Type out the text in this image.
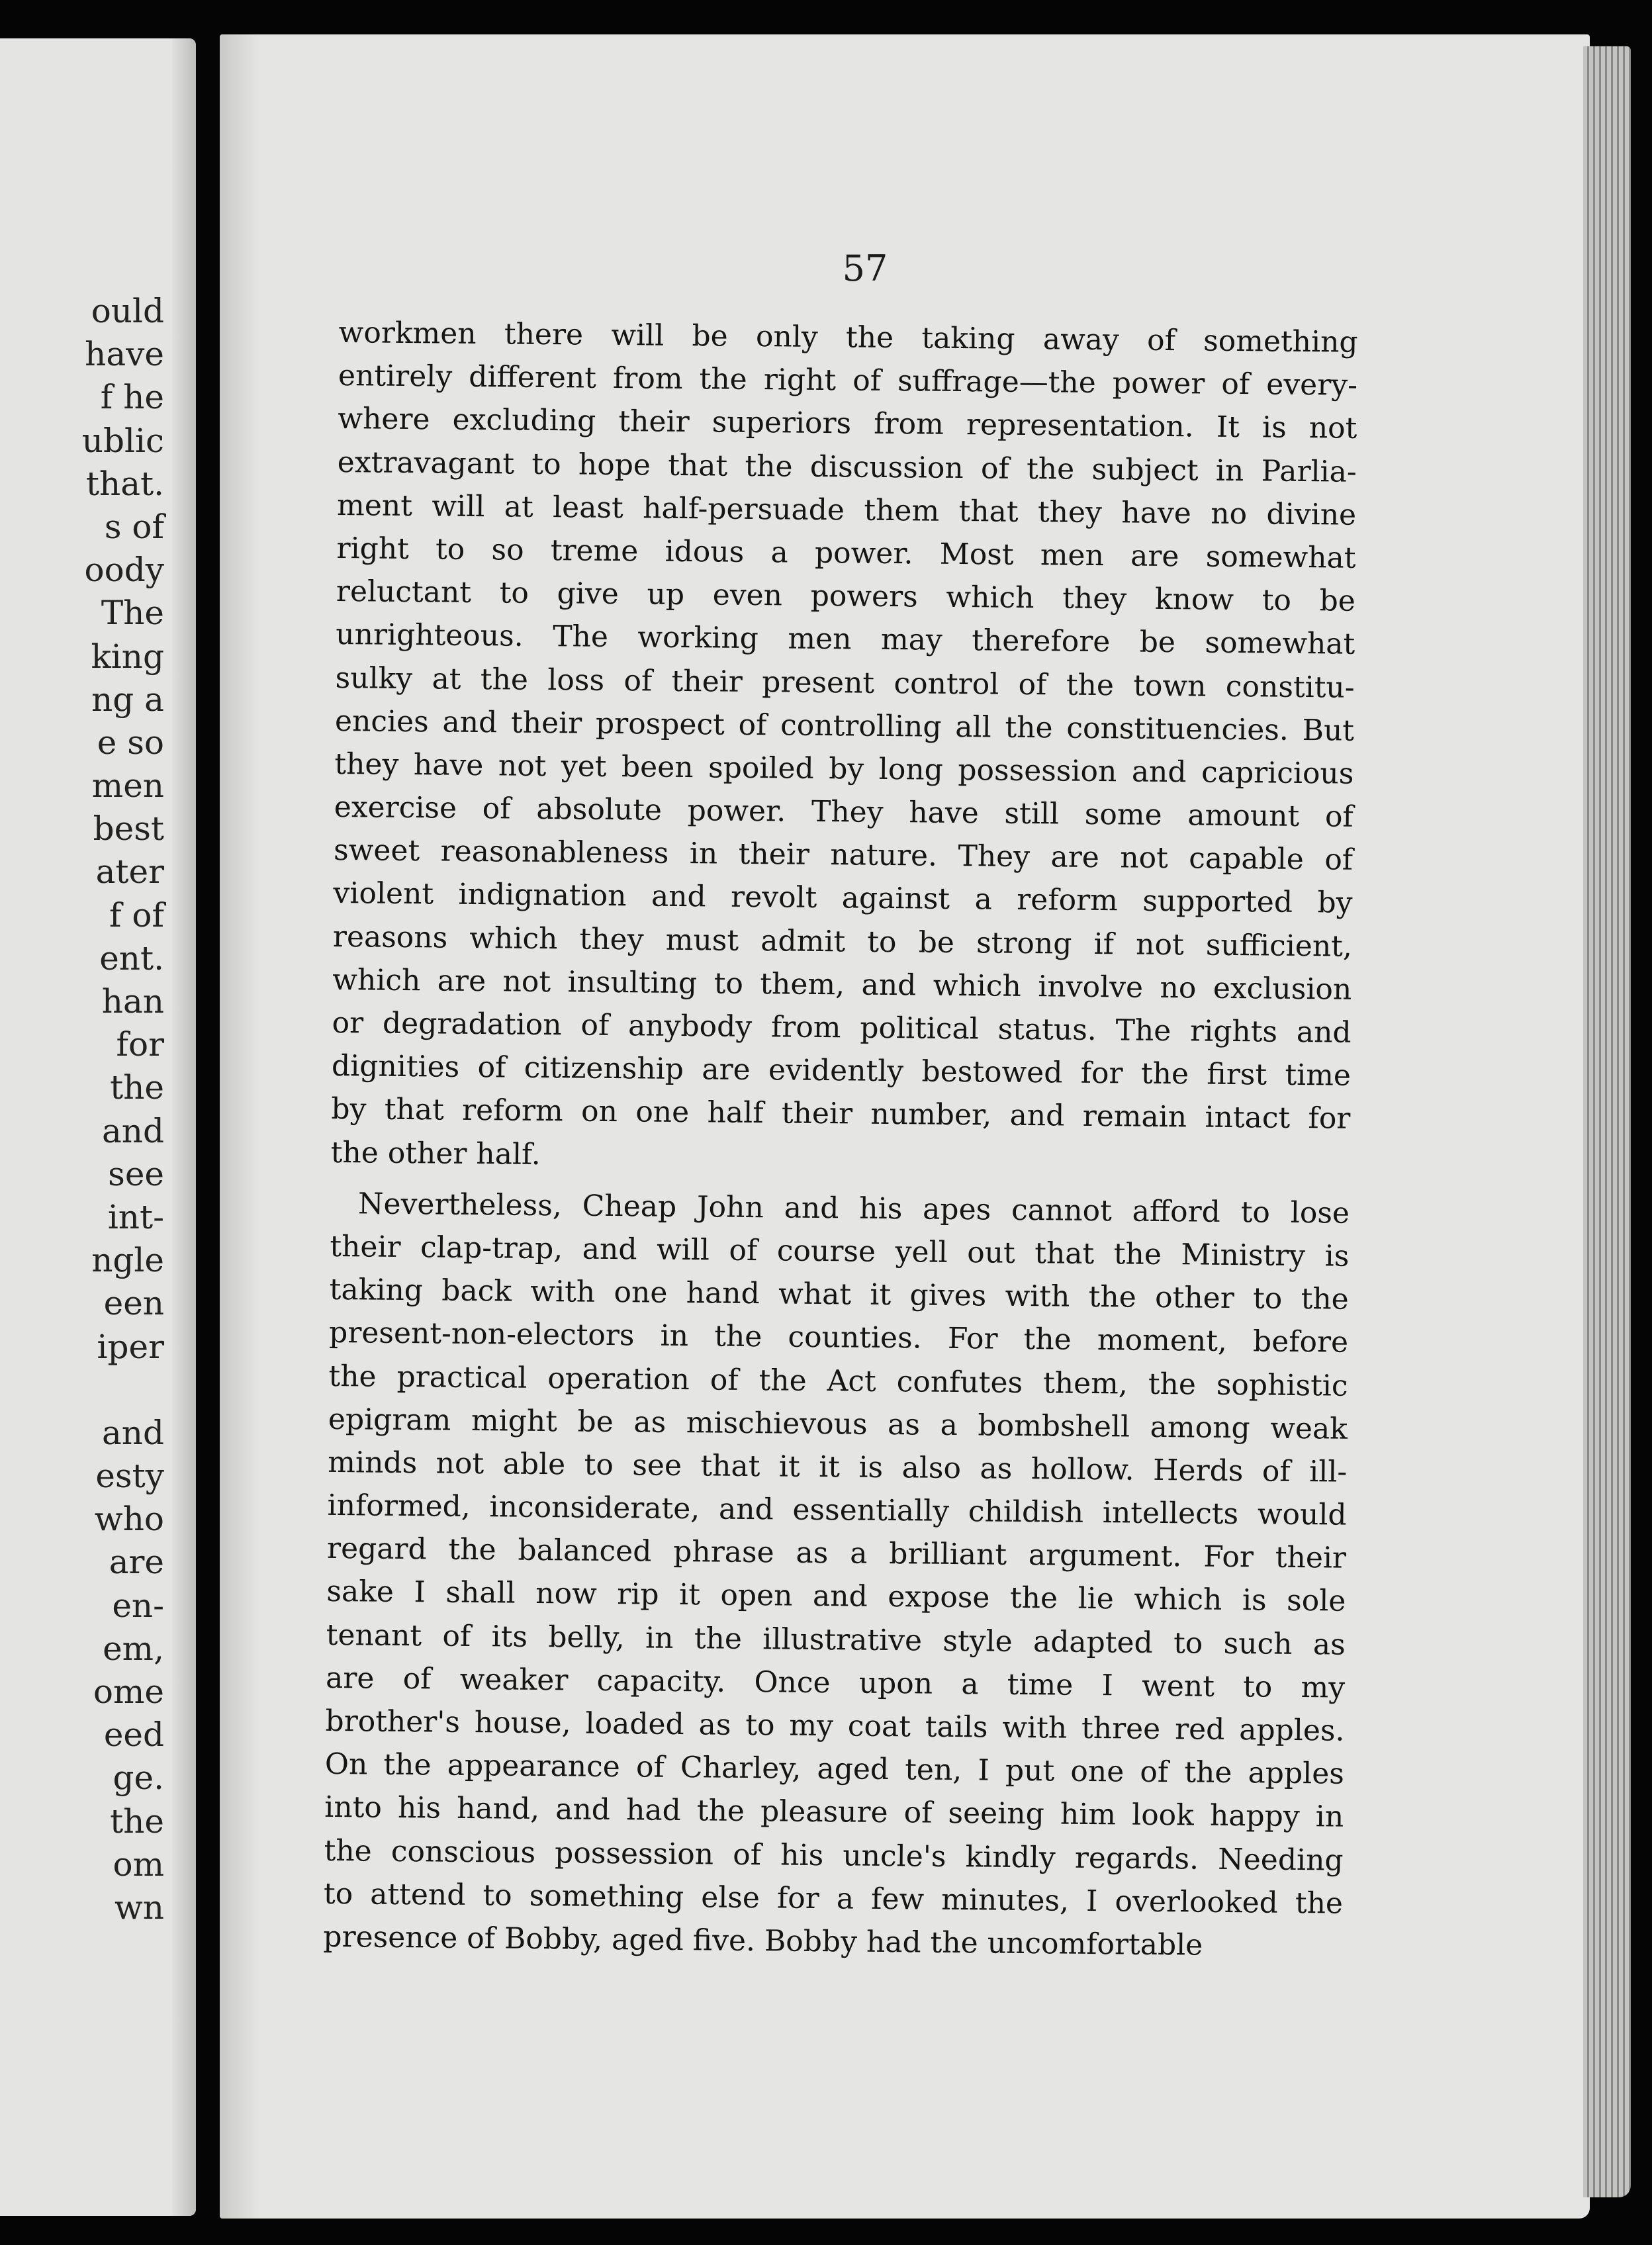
ould
have
f he
ublic
that.
s of
oody
The
king
ng a
e so
men
best
ater
f of
ent.
han
for
the
and
see
int-
ngle
een
iper
and
esty
who
are
en-
em,
ome
eed
ge.
the
om
wn

57

workmen there will be only the taking away of something
entirely different from the right of suffrage—the power of every-
where excluding their superiors from representation. It is not
extravagant to hope that the discussion of the subject in Parlia-
ment will at least half-persuade them that they have no divine
right to so treme idous a power. Most men are somewhat
reluctant to give up even powers which they know to be
unrighteous. The working men may therefore be somewhat
sulky at the loss of their present control of the town constitu-
encies and their prospect of controlling all the constituencies. But
they have not yet been spoiled by long possession and capricious
exercise of absolute power. They have still some amount of
sweet reasonableness in their nature. They are not capable of
violent indignation and revolt against a reform supported by
reasons which they must admit to be strong if not sufficient,
which are not insulting to them, and which involve no exclusion
or degradation of anybody from political status. The rights and
dignities of citizenship are evidently bestowed for the first time
by that reform on one half their number, and remain intact for
the other half.
Nevertheless, Cheap John and his apes cannot afford to lose
their clap-trap, and will of course yell out that the Ministry is
taking back with one hand what it gives with the other to the
present-non-electors in the counties. For the moment, before
the practical operation of the Act confutes them, the sophistic
epigram might be as mischievous as a bombshell among weak
minds not able to see that it it is also as hollow. Herds of ill-
informed, inconsiderate, and essentially childish intellects would
regard the balanced phrase as a brilliant argument. For their
sake I shall now rip it open and expose the lie which is sole
tenant of its belly, in the illustrative style adapted to such as
are of weaker capacity. Once upon a time I went to my
brother's house, loaded as to my coat tails with three red apples.
On the appearance of Charley, aged ten, I put one of the apples
into his hand, and had the pleasure of seeing him look happy in
the conscious possession of his uncle's kindly regards. Needing
to attend to something else for a few minutes, I overlooked the
presence of Bobby, aged five. Bobby had the uncomfortable
